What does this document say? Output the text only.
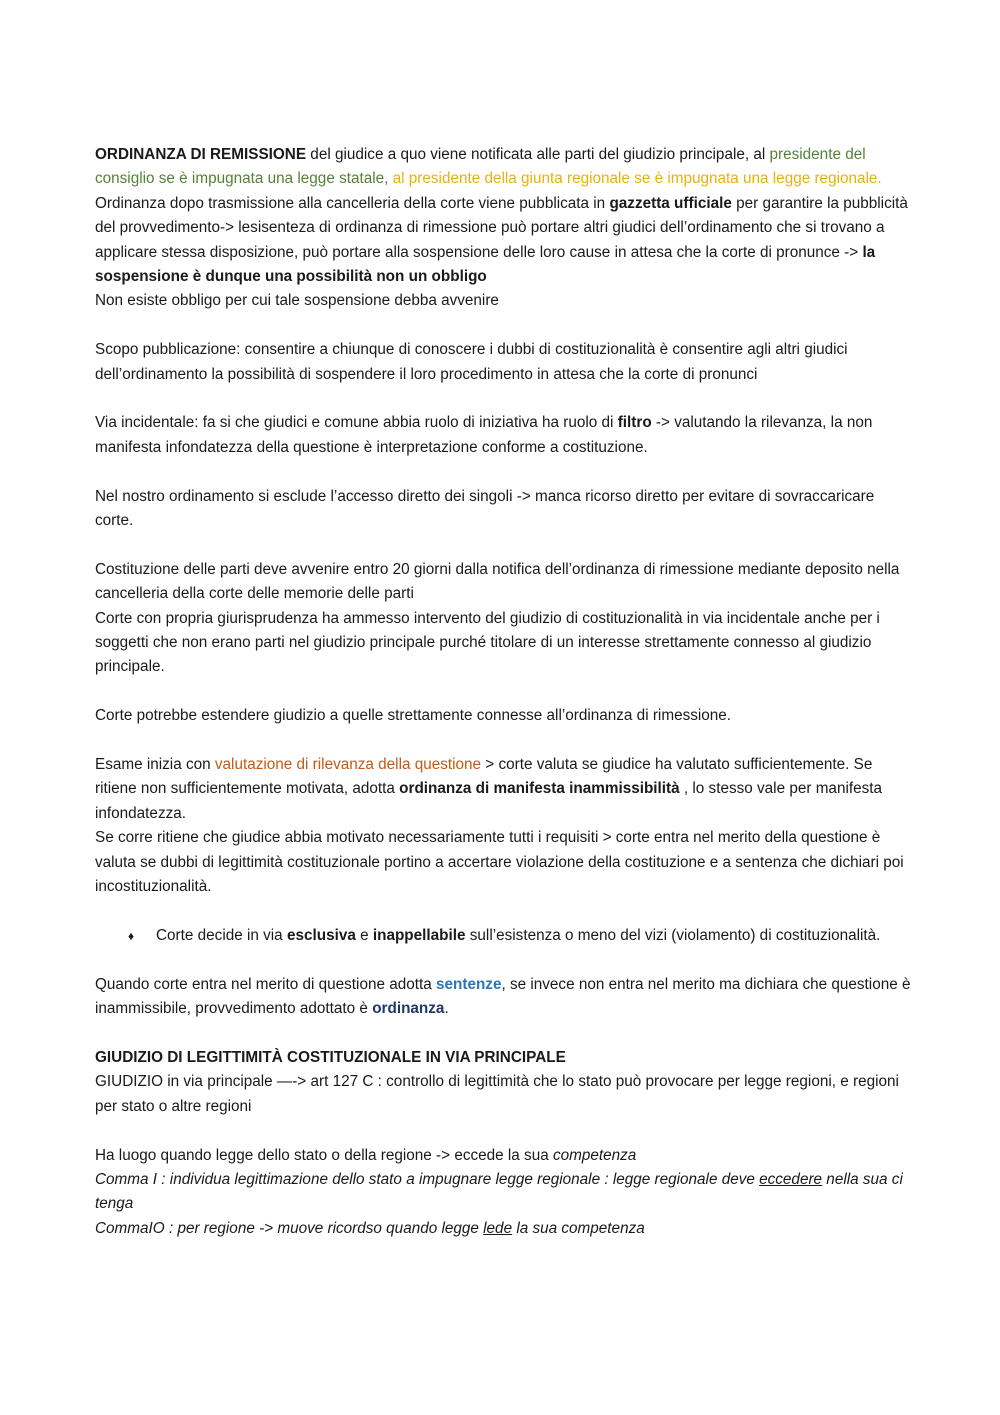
ORDINANZA DI REMISSIONE del giudice a quo viene notificata alle parti del giudizio principale, al presidente del consiglio se è impugnata una legge statale, al presidente della giunta regionale se è impugnata una legge regionale.

Ordinanza dopo trasmissione alla cancelleria della corte viene pubblicata in gazzetta ufficiale per garantire la pubblicità del provvedimento-> lesisenteza di ordinanza di rimessione può portare altri giudici dell’ordinamento che si trovano a applicare stessa disposizione, può portare alla sospensione delle loro cause in attesa che la corte di pronunce -> la sospensione è dunque una possibilità non un obbligo

Non esiste obbligo per cui tale sospensione debba avvenire

Scopo pubblicazione: consentire a chiunque di conoscere i dubbi di costituzionalità è consentire agli altri giudici dell’ordinamento la possibilità di sospendere il loro procedimento in attesa che la corte di pronunci

Via incidentale: fa si che giudici e comune abbia ruolo di iniziativa ha ruolo di filtro -> valutando la rilevanza, la non manifesta infondatezza della questione è interpretazione conforme a costituzione.

Nel nostro ordinamento si esclude l’accesso diretto dei singoli -> manca ricorso diretto per evitare di sovraccaricare corte.

Costituzione delle parti deve avvenire entro 20 giorni dalla notifica dell’ordinanza di rimessione mediante deposito nella cancelleria della corte delle memorie delle parti

Corte con propria giurisprudenza ha ammesso intervento del giudizio di costituzionalità in via incidentale anche per i soggetti che non erano parti nel giudizio principale purché titolare di un interesse strettamente connesso al giudizio principale.

Corte potrebbe estendere giudizio a quelle strettamente connesse all’ordinanza di rimessione.

Esame inizia con valutazione di rilevanza della questione > corte valuta se giudice ha valutato sufficientemente. Se ritiene non sufficientemente motivata, adotta ordinanza di manifesta inammissibilità , lo stesso vale per manifesta infondatezza.

Se corre ritiene che giudice abbia motivato necessariamente tutti i requisiti > corte entra nel merito della questione è valuta se dubbi di legittimità costituzionale portino a accertare violazione della costituzione e a sentenza che dichiari poi incostituzionalità.

♦	Corte decide in via esclusiva e inappellabile sull’esistenza o meno del vizi (violamento) di costituzionalità.

Quando corte entra nel merito di questione adotta sentenze, se invece non entra nel merito ma dichiara che questione è inammissibile, provvedimento adottato è ordinanza.

GIUDIZIO DI LEGITTIMITÀ COSTITUZIONALE IN VIA PRINCIPALE

GIUDIZIO in via principale —-> art 127 C : controllo di legittimità che lo stato può provocare per legge regioni, e regioni per stato o altre regioni

Ha luogo quando legge dello stato o della regione -> eccede la sua competenza

Comma I : individua legittimazione dello stato a impugnare legge regionale : legge regionale deve eccedere nella sua ci tenga

CommaIO : per regione -> muove ricordso quando legge lede la sua competenza
